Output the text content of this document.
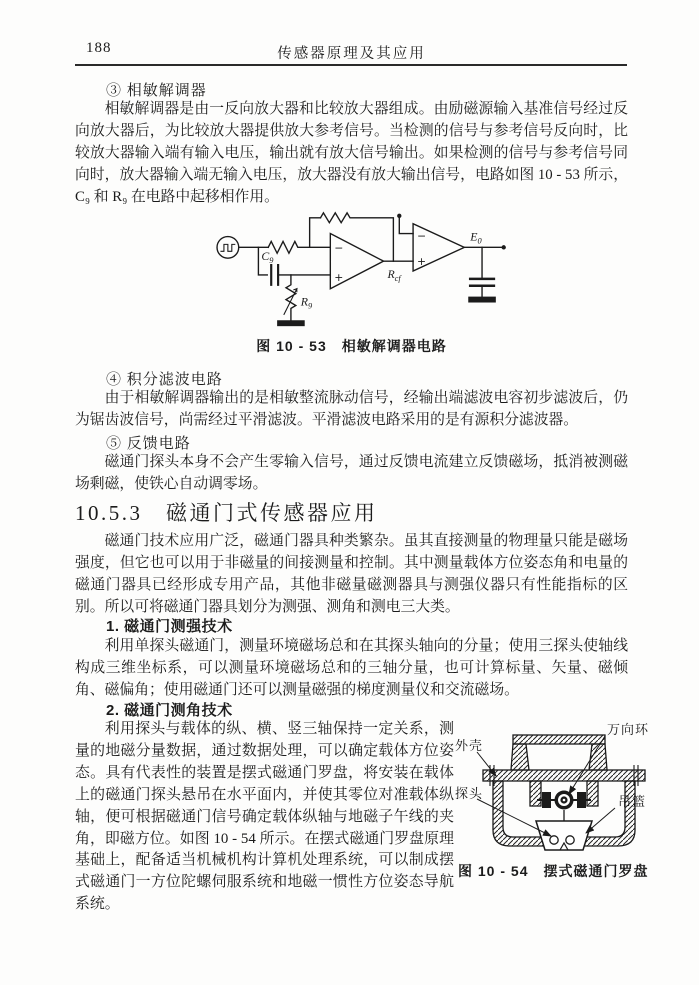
188	传感器原理及其应用
③ 相敏解调器
相敏解调器是由一反向放大器和比较放大器组成。由励磁源输入基准信号经过反向放大器后，为比较放大器提供放大参考信号。当检测的信号与参考信号反向时，比较放大器输入端有输入电压，输出就有放大信号输出。如果检测的信号与参考信号同向时，放大器输入端无输入电压，放大器没有放大输出信号，电路如图 10 - 53 所示，C₉ 和 R₉ 在电路中起移相作用。
−
+
−
+
$C_9$
$R_9$
$R_{cf}$
$E_0$
图 10 - 53　相敏解调器电路
④ 积分滤波电路
由于相敏解调器输出的是相敏整流脉动信号，经输出端滤波电容初步滤波后，仍为锯齿波信号，尚需经过平滑滤波。平滑滤波电路采用的是有源积分滤波器。
⑤ 反馈电路
磁通门探头本身不会产生零输入信号，通过反馈电流建立反馈磁场，抵消被测磁场剩磁，使铁心自动调零场。
10.5.3　磁通门式传感器应用
磁通门技术应用广泛，磁通门器具种类繁杂。虽其直接测量的物理量只能是磁场强度，但它也可以用于非磁量的间接测量和控制。其中测量载体方位姿态角和电量的磁通门器具已经形成专用产品，其他非磁量磁测器具与测强仪器只有性能指标的区别。所以可将磁通门器具划分为测强、测角和测电三大类。
1. 磁通门测强技术
利用单探头磁通门，测量环境磁场总和在其探头轴向的分量；使用三探头使轴线构成三维坐标系，可以测量环境磁场总和的三轴分量，也可计算标量、矢量、磁倾角、磁偏角；使用磁通门还可以测量磁强的梯度测量仪和交流磁场。
2. 磁通门测角技术
利用探头与载体的纵、横、竖三轴保持一定关系，测量的地磁分量数据，通过数据处理，可以确定载体方位姿态。具有代表性的装置是摆式磁通门罗盘，将安装在载体上的磁通门探头悬吊在水平面内，并使其零位对准载体纵轴，便可根据磁通门信号确定载体纵轴与地磁子午线的夹角，即磁方位。如图 10 - 54 所示。在摆式磁通门罗盘原理基础上，配备适当机械机构计算机处理系统，可以制成摆式磁通门一方位陀螺伺服系统和地磁一惯性方位姿态导航系统。
万向环
外壳
探头
吊篮
图 10 - 54　摆式磁通门罗盘
